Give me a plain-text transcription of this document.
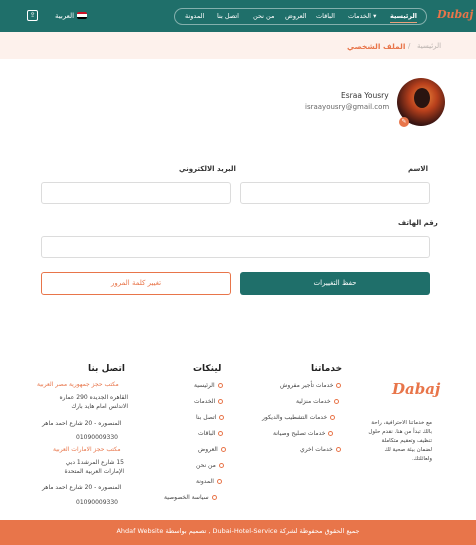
الرئيسية
الخدمات ▾
الباقات
العروض
من نحن
اتصل بنا
المدونة	Dubaj
العربية
⇪
الرئيسية
/
الملف الشخصي
✎
Esraa Yousry
israayousry@gmail.com
الاسم
البريد الالكتروني
رقم الهاتف
حفظ التغييرات
تغيير كلمة المرور
Dabaj
مع خدماتنا الاحترافية، راحة بالك تبدأ من هنا. نقدم حلول تنظيف وتعقيم متكاملة لضمان بيئة صحية لك ولعائلتك.
خدماتنا
خدمات تأجير مفروش
خدمات منزلية
خدمات التشطيب والديكور
خدمات تصليح وصيانة
خدمات اخري
لينكات
الرئيسية
الخدمات
اتصل بنا
الباقات
العروض
من نحن
المدونة
سياسة الخصوصية
اتصل بنا
مكتب حجز جمهورية مصر العربية
القاهره الجديده 290 عماره الاندلس امام هايد بارك
المنصوره - 20 شارع احمد ماهر
01090009330
مكتب حجز الامارات العربية
15 شارع المرشد1 دبي الإمارات العربية المتحدة
المنصوره - 20 شارع احمد ماهر
01090009330
جميع الحقوق محفوظة لشركة Dubai-Hotel-Service , تصميم بواسطة Ahdaf Website
